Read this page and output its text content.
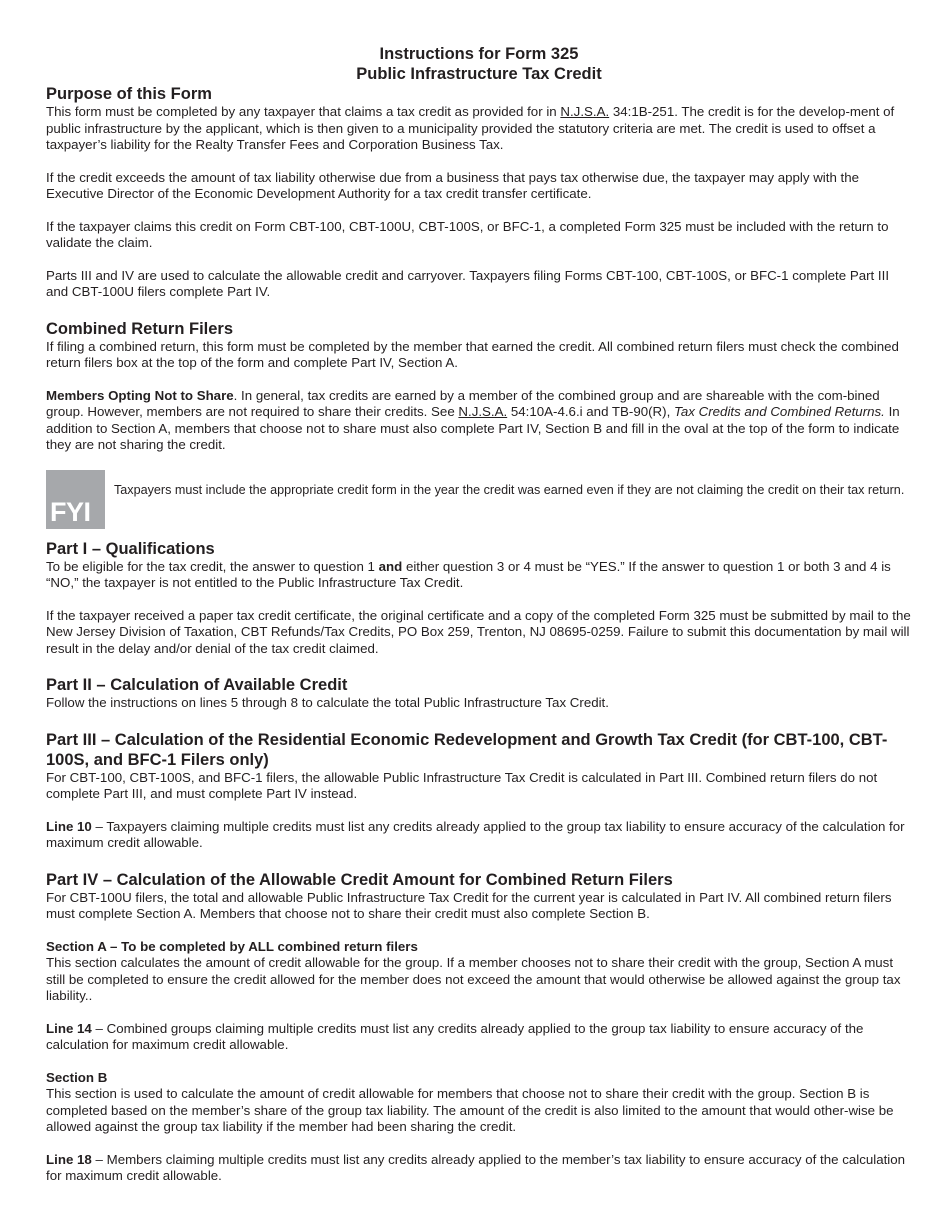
Instructions for Form 325
Public Infrastructure Tax Credit
Purpose of this Form

This form must be completed by any taxpayer that claims a tax credit as provided for in N.J.S.A. 34:1B-251. The credit is for the develop-ment of public infrastructure by the applicant, which is then given to a municipality provided the statutory criteria are met. The credit is used to offset a taxpayer’s liability for the Realty Transfer Fees and Corporation Business Tax.

If the credit exceeds the amount of tax liability otherwise due from a business that pays tax otherwise due, the taxpayer may apply with the Executive Director of the Economic Development Authority for a tax credit transfer certificate.

If the taxpayer claims this credit on Form CBT-100, CBT-100U, CBT-100S, or BFC-1, a completed Form 325 must be included with the return to validate the claim.

Parts III and IV are used to calculate the allowable credit and carryover. Taxpayers filing Forms CBT-100, CBT-100S, or BFC-1 complete Part III and CBT-100U filers complete Part IV.

Combined Return Filers

If filing a combined return, this form must be completed by the member that earned the credit. All combined return filers must check the combined return filers box at the top of the form and complete Part IV, Section A.

Members Opting Not to Share. In general, tax credits are earned by a member of the combined group and are shareable with the com-bined group. However, members are not required to share their credits. See N.J.S.A. 54:10A-4.6.i and TB-90(R), Tax Credits and Combined Returns. In addition to Section A, members that choose not to share must also complete Part IV, Section B and fill in the oval at the top of the form to indicate they are not sharing the credit.

FYI
Taxpayers must include the appropriate credit form in the year the credit was earned even if they are not claiming the credit on their tax return.
Part I – Qualifications

To be eligible for the tax credit, the answer to question 1 and either question 3 or 4 must be “YES.” If the answer to question 1 or both 3 and 4 is “NO,” the taxpayer is not entitled to the Public Infrastructure Tax Credit.

If the taxpayer received a paper tax credit certificate, the original certificate and a copy of the completed Form 325 must be submitted by mail to the New Jersey Division of Taxation, CBT Refunds/Tax Credits, PO Box 259, Trenton, NJ 08695-0259. Failure to submit this documentation by mail will result in the delay and/or denial of the tax credit claimed.

Part II – Calculation of Available Credit

Follow the instructions on lines 5 through 8 to calculate the total Public Infrastructure Tax Credit.

Part III – Calculation of the Residential Economic Redevelopment and Growth Tax Credit (for CBT-100, CBT-100S, and BFC-1 Filers only)

For CBT-100, CBT-100S, and BFC-1 filers, the allowable Public Infrastructure Tax Credit is calculated in Part III. Combined return filers do not complete Part III, and must complete Part IV instead.

Line 10 – Taxpayers claiming multiple credits must list any credits already applied to the group tax liability to ensure accuracy of the calculation for maximum credit allowable.

Part IV – Calculation of the Allowable Credit Amount for Combined Return Filers

For CBT-100U filers, the total and allowable Public Infrastructure Tax Credit for the current year is calculated in Part IV. All combined return filers must complete Section A. Members that choose not to share their credit must also complete Section B.

Section A – To be completed by ALL combined return filers

This section calculates the amount of credit allowable for the group. If a member chooses not to share their credit with the group, Section A must still be completed to ensure the credit allowed for the member does not exceed the amount that would otherwise be allowed against the group tax liability..

Line 14 – Combined groups claiming multiple credits must list any credits already applied to the group tax liability to ensure accuracy of the calculation for maximum credit allowable.

Section B

This section is used to calculate the amount of credit allowable for members that choose not to share their credit with the group. Section B is completed based on the member’s share of the group tax liability. The amount of the credit is also limited to the amount that would other-wise be allowed against the group tax liability if the member had been sharing the credit.

Line 18 – Members claiming multiple credits must list any credits already applied to the member’s tax liability to ensure accuracy of the calculation for maximum credit allowable.
